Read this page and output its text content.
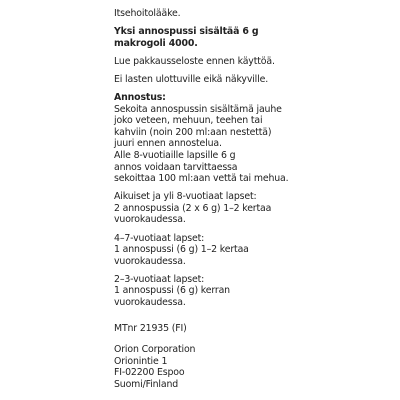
Itsehoitolääke.
Yksi annospussi sisältää 6 g
makrogoli 4000.
Lue pakkausseloste ennen käyttöä.
Ei lasten ulottuville eikä näkyville.
Annostus:
Sekoita annospussin sisältämä jauhe
joko veteen, mehuun, teehen tai
kahviin (noin 200 ml:aan nestettä)
juuri ennen annostelua.
Alle 8-vuotiaille lapsille 6 g
annos voidaan tarvittaessa
sekoittaa 100 ml:aan vettä tai mehua.
Aikuiset ja yli 8-vuotiaat lapset:
2 annospussia (2 x 6 g) 1–2 kertaa
vuorokaudessa.
4–7-vuotiaat lapset:
1 annospussi (6 g) 1–2 kertaa
vuorokaudessa.
2–3-vuotiaat lapset:
1 annospussi (6 g) kerran
vuorokaudessa.
MTnr 21935 (FI)
Orion Corporation
Orionintie 1
FI-02200 Espoo
Suomi/Finland
